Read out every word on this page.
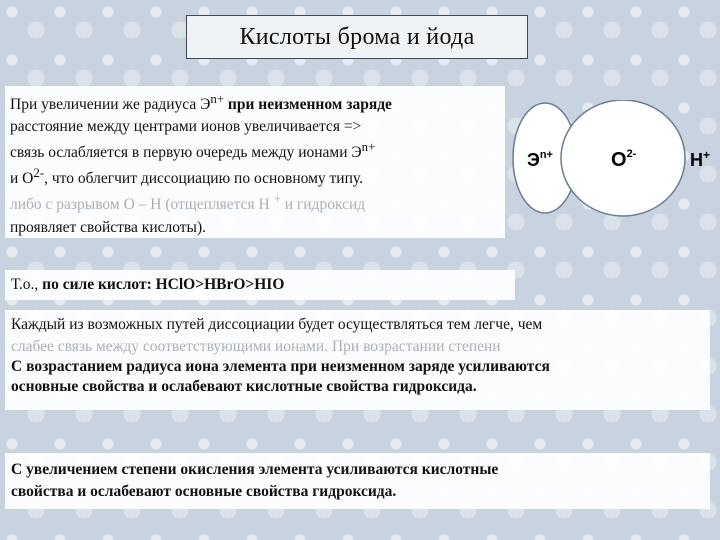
Кислоты брома и йода
При увеличении же радиуса $Э^{n+}$ при неизменном заряде
расстояние между центрами ионов увеличивается =>
связь ослабляется в первую очередь между ионами $Э^{n+}$
и $O^{2-}$, что облегчит диссоциацию по основному типу.
либо с разрывом O – H (отщепляется H + и гидроксид
проявляет свойства кислоты).
$Э^{n+}$	$O^{2-}$	H+
Т.о., по силе кислот: HClO>HBrO>HIO
Каждый из возможных путей диссоциации будет осуществляться тем легче, чем
слабее связь между соответствующими ионами. При возрастании степени
С возрастанием радиуса иона элемента при неизменном заряде усиливаются
основные свойства и ослабевают кислотные свойства гидроксида.
С увеличением степени окисления элемента усиливаются кислотные
свойства и ослабевают основные свойства гидроксида.
